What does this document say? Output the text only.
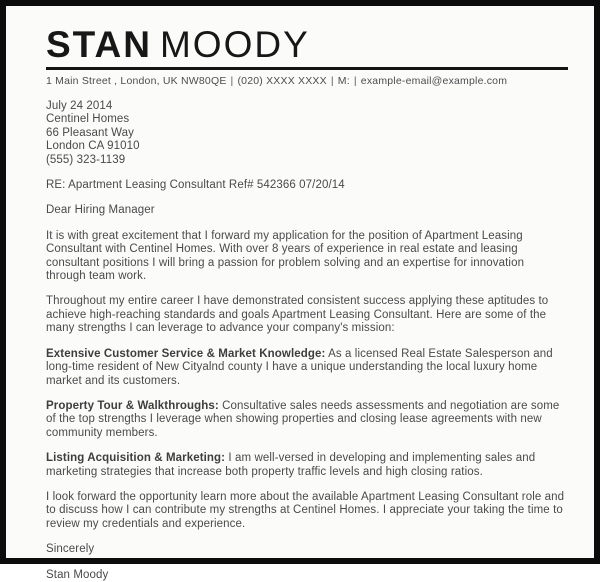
STAN MOODY
1 Main Street , London, UK NW80QE | (020) XXXX XXXX | M: | example-email@example.com
July 24 2014
Centinel Homes
66 Pleasant Way
London CA 91010
(555) 323-1139

RE: Apartment Leasing Consultant Ref# 542366 07/20/14

Dear Hiring Manager

It is with great excitement that I forward my application for the position of Apartment Leasing Consultant with Centinel Homes. With over 8 years of experience in real estate and leasing consultant positions I will bring a passion for problem solving and an expertise for innovation through team work.

Throughout my entire career I have demonstrated consistent success applying these aptitudes to achieve high-reaching standards and goals Apartment Leasing Consultant. Here are some of the many strengths I can leverage to advance your company's mission:

Extensive Customer Service & Market Knowledge: As a licensed Real Estate Salesperson and long-time resident of New Cityalnd county I have a unique understanding the local luxury home market and its customers.

Property Tour & Walkthroughs: Consultative sales needs assessments and negotiation are some of the top strengths I leverage when showing properties and closing lease agreements with new community members.

Listing Acquisition & Marketing: I am well-versed in developing and implementing sales and marketing strategies that increase both property traffic levels and high closing ratios.

I look forward the opportunity learn more about the available Apartment Leasing Consultant role and to discuss how I can contribute my strengths at Centinel Homes. I appreciate your taking the time to review my credentials and experience.

Sincerely

Stan Moody
